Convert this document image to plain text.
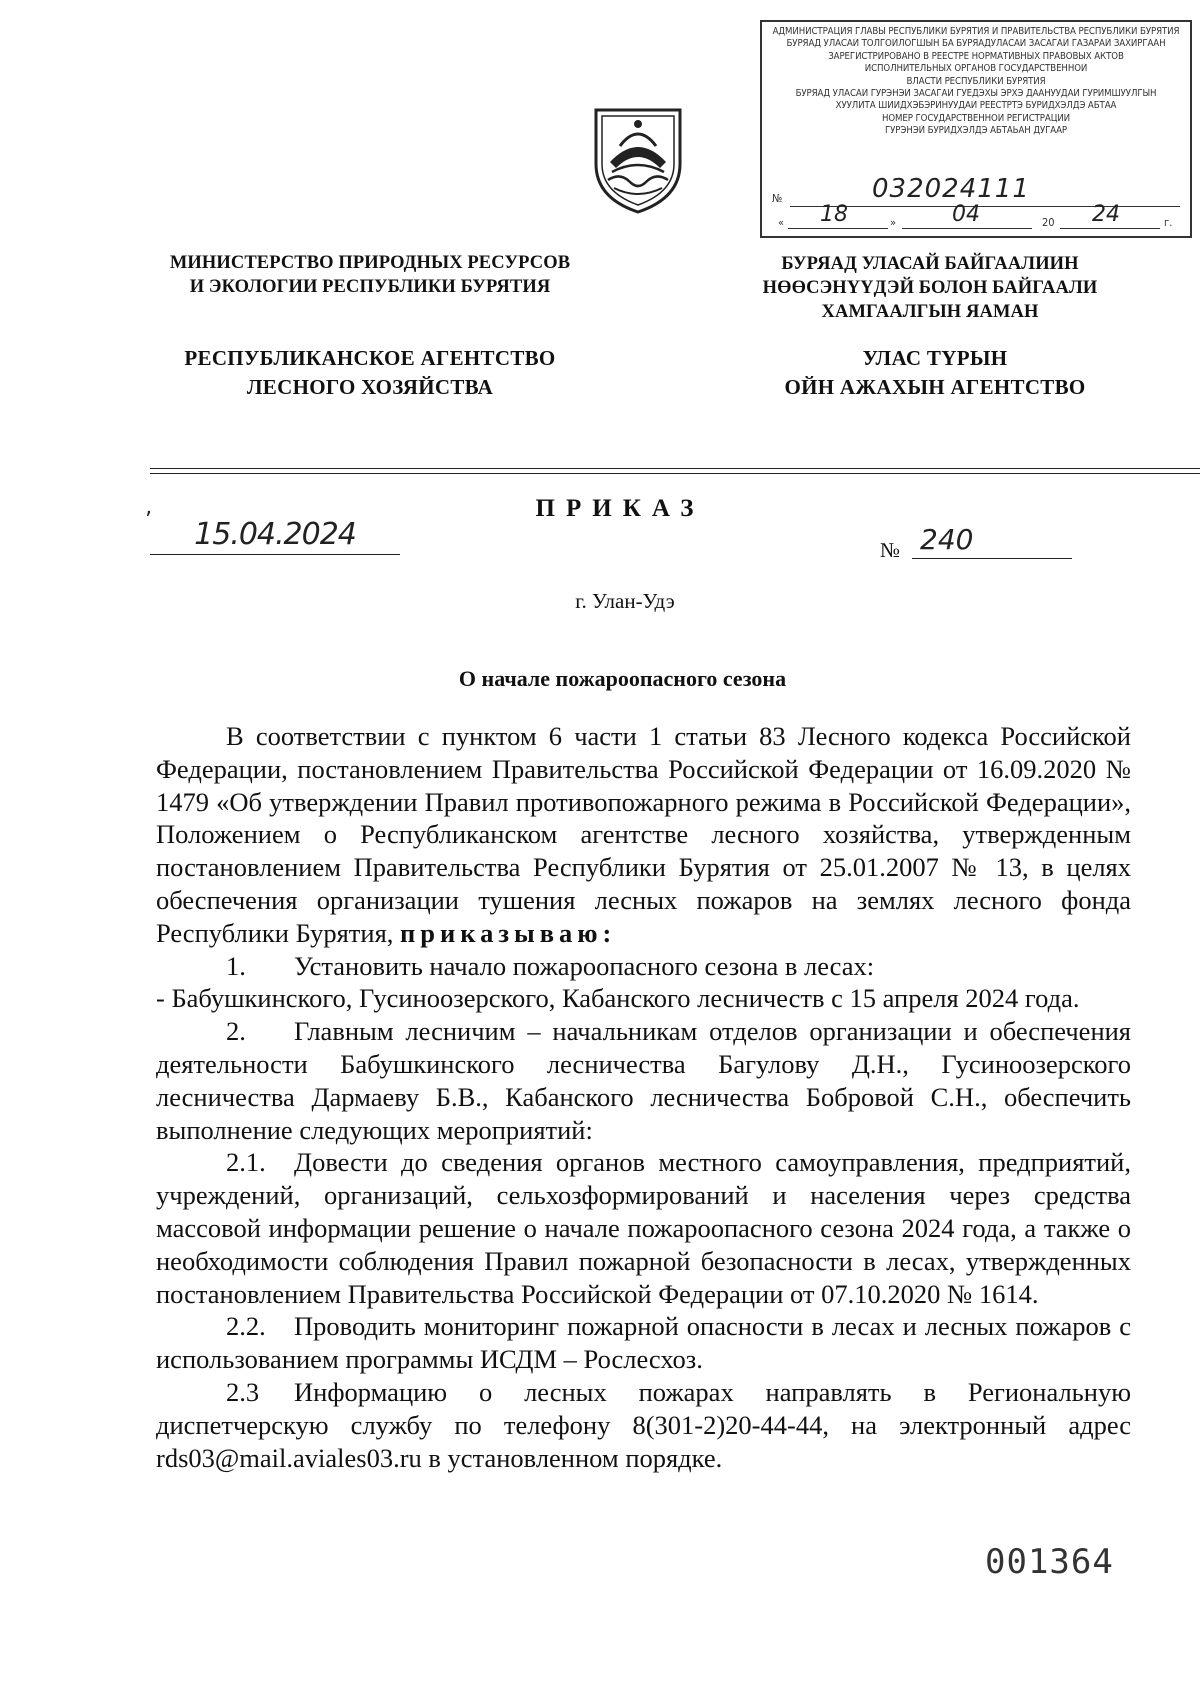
АДМИНИСТРАЦИЯ ГЛАВЫ РЕСПУБЛИКИ БУРЯТИЯ И ПРАВИТЕЛЬСТВА РЕСПУБЛИКИ БУРЯТИЯ
БУРЯАД УЛАСАЙ ТОЛГОЙЛОГШЫН БА БУРЯАДУЛАСАЙ ЗАСАГАЙ ГАЗАРАЙ ЗАХИРГААН
ЗАРЕГИСТРИРОВАНО В РЕЕСТРЕ НОРМАТИВНЫХ ПРАВОВЫХ АКТОВ
ИСПОЛНИТЕЛЬНЫХ ОРГАНОВ ГОСУДАРСТВЕННОЙ
ВЛАСТИ РЕСПУБЛИКИ БУРЯТИЯ
БУРЯАД УЛАСАЙ ГУРЭНЭЙ ЗАСАГАЙ ГУЕДЭХЫ ЭРХЭ ДААНУУДАЙ ГУРИМШУУЛГЫН
ХУУЛИТА ШИИДХЭБЭРИНУУДАЙ РЕЕСТРТЭ БУРИДХЭЛДЭ АБТАА
НОМЕР ГОСУДАРСТВЕННОЙ РЕГИСТРАЦИИ
ГУРЭНЭЙ БУРИДХЭЛДЭ АБТАЬАН ДУГААР
№	032024111
« 18	»	04	20 24	г.
МИНИСТЕРСТВО ПРИРОДНЫХ РЕСУРСОВ
И ЭКОЛОГИИ РЕСПУБЛИКИ БУРЯТИЯ
РЕСПУБЛИКАНСКОЕ АГЕНТСТВО
ЛЕСНОГО ХОЗЯЙСТВА
БУРЯАД УЛАСАЙ БАЙГААЛИИН
НӨӨСЭНҮҮДЭЙ БОЛОН БАЙГААЛИ
ХАМГААЛГЫН ЯАМАН
УЛАС ТҮРЫН
ОЙН АЖАХЫН АГЕНТСТВО
ПРИКАЗ
ʼ	15.04.2024	№ 240
г. Улан-Удэ
О начале пожароопасного сезона

В соответствии с пунктом 6 части 1 статьи 83 Лесного кодекса Российской Федерации, постановлением Правительства Российской Федерации от 16.09.2020 № 1479 «Об утверждении Правил противопожарного режима в Российской Федерации», Положением о Республиканском агентстве лесного хозяйства, утвержденным постановлением Правительства Республики Бурятия от 25.01.2007 № 13, в целях обеспечения организации тушения лесных пожаров на землях лесного фонда Республики Бурятия, приказываю:

1. Установить начало пожароопасного сезона в лесах:

- Бабушкинского, Гусиноозерского, Кабанского лесничеств с 15 апреля 2024 года.

2. Главным лесничим – начальникам отделов организации и обеспечения деятельности Бабушкинского лесничества Багулову Д.Н., Гусиноозерского лесничества Дармаеву Б.В., Кабанского лесничества Бобровой С.Н., обеспечить выполнение следующих мероприятий:

2.1. Довести до сведения органов местного самоуправления, предприятий, учреждений, организаций, сельхозформирований и населения через средства массовой информации решение о начале пожароопасного сезона 2024 года, а также о необходимости соблюдения Правил пожарной безопасности в лесах, утвержденных постановлением Правительства Российской Федерации от 07.10.2020 № 1614.

2.2. Проводить мониторинг пожарной опасности в лесах и лесных пожаров с использованием программы ИСДМ – Рослесхоз.

2.3 Информацию о лесных пожарах направлять в Региональную диспетчерскую службу по телефону 8(301-2)20-44-44, на электронный адрес rds03@mail.aviales03.ru в установленном порядке.

001364
